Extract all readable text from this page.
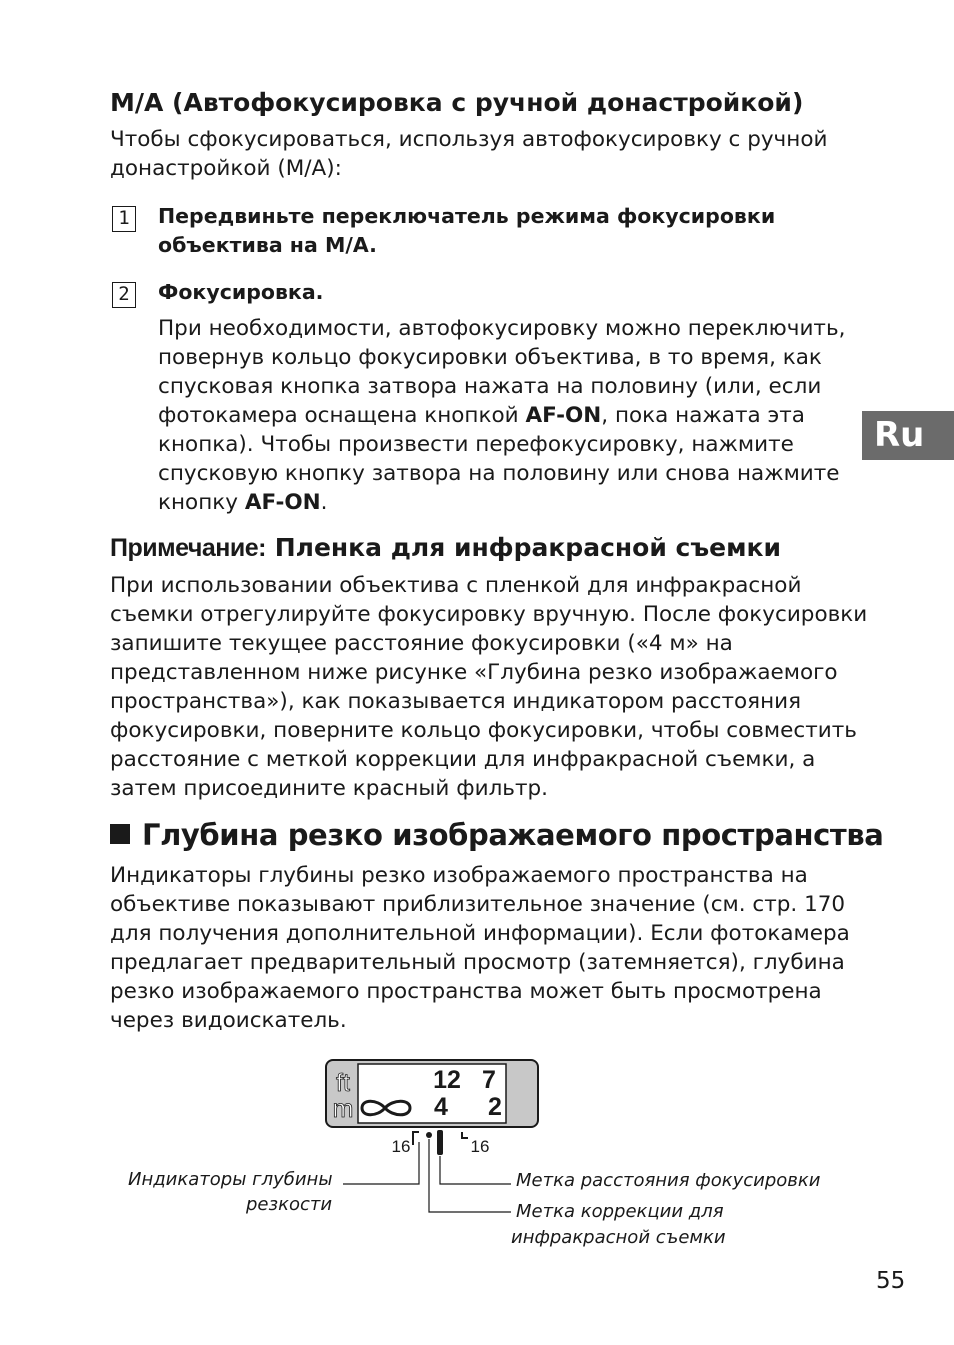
M/A (Автофокусировка с ручной донастройкой)

Чтобы сфокусироваться, используя автофокусировку с ручной

донастройкой (M/A):

1	Передвиньте переключатель режима фокусировки
объектива на M/A.
2	Фокусировка.

При необходимости, автофокусировку можно переключить,

повернув кольцо фокусировки объектива, в то время, как

спусковая кнопка затвора нажата на половину (или, если

фотокамера оснащена кнопкой AF-ON, пока нажата эта

кнопка). Чтобы произвести перефокусировку, нажмите

спусковую кнопку затвора на половину или снова нажмите

кнопку AF-ON.

Ru
Примечание: Пленка для инфракрасной съемки

При использовании объектива с пленкой для инфракрасной

съемки отрегулируйте фокусировку вручную. После фокусировки

запишите текущее расстояние фокусировки («4 м» на

представленном ниже рисунке «Глубина резко изображаемого

пространства»), как показывается индикатором расстояния

фокусировки, поверните кольцо фокусировки, чтобы совместить

расстояние с меткой коррекции для инфракрасной съемки, а

затем присоедините красный фильтр.

Глубина резко изображаемого пространства

Индикаторы глубины резко изображаемого пространства на

объективе показывают приблизительное значение (см. стр. 170

для получения дополнительной информации). Если фотокамера

предлагает предварительный просмотр (затемняется), глубина

резко изображаемого пространства может быть просмотрена

через видоискатель.

ft
m
12 7
4 2
16	16
Индикаторы глубины
резкости
Метка расстояния фокусировки
Метка коррекции для
инфракрасной съемки
55
